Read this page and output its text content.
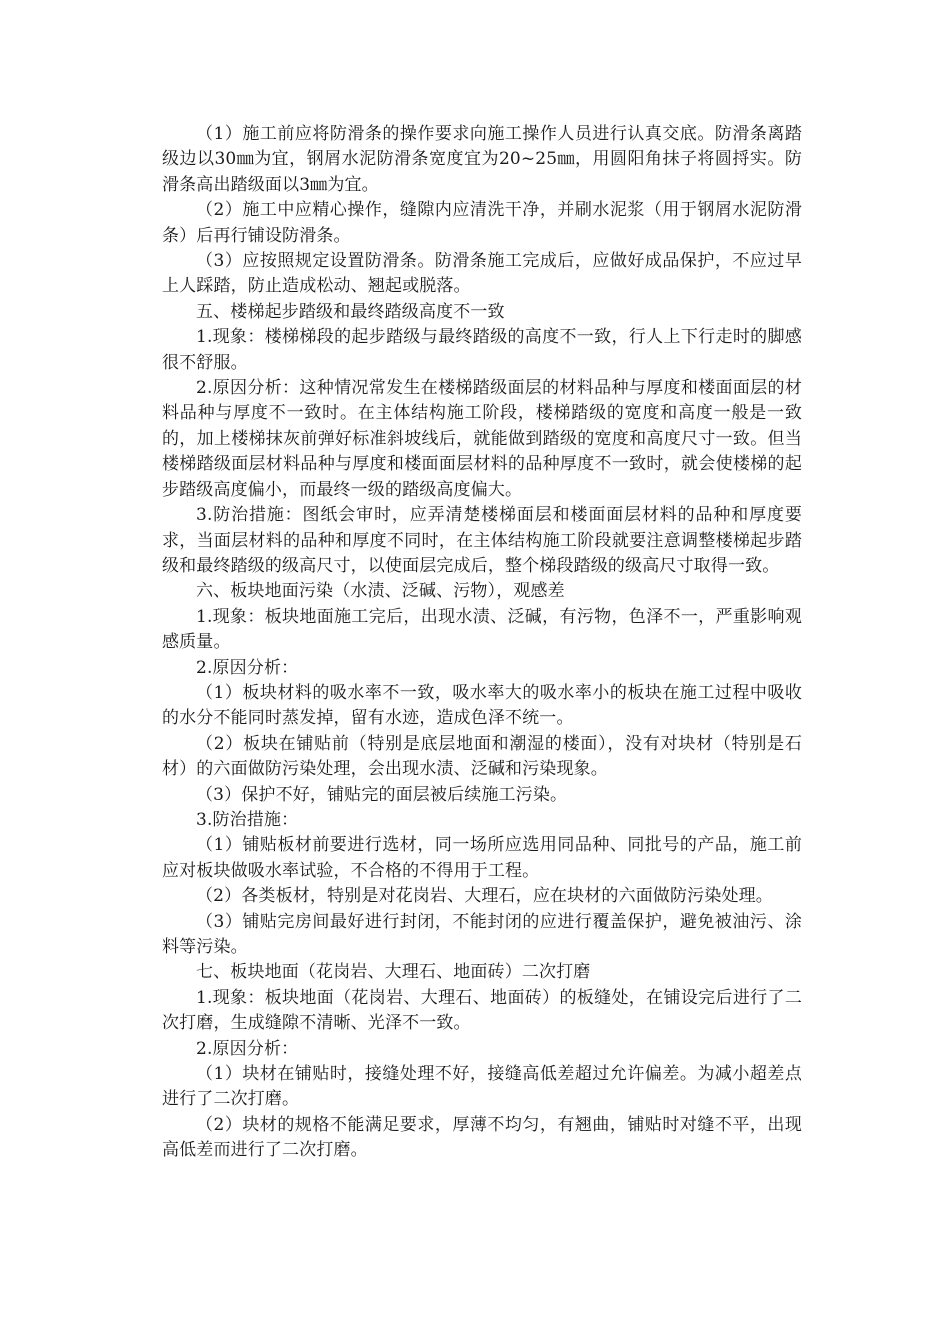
（1）施工前应将防滑条的操作要求向施工操作人员进行认真交底。防滑条离踏级边以30㎜为宜，钢屑水泥防滑条宽度宜为20~25㎜，用圆阳角抹子将圆捋实。防滑条高出踏级面以3㎜为宜。

（2）施工中应精心操作，缝隙内应清洗干净，并刷水泥浆（用于钢屑水泥防滑条）后再行铺设防滑条。

（3）应按照规定设置防滑条。防滑条施工完成后，应做好成品保护，不应过早上人踩踏，防止造成松动、翘起或脱落。

五、楼梯起步踏级和最终踏级高度不一致

1.现象：楼梯梯段的起步踏级与最终踏级的高度不一致，行人上下行走时的脚感很不舒服。

2.原因分析：这种情况常发生在楼梯踏级面层的材料品种与厚度和楼面面层的材料品种与厚度不一致时。在主体结构施工阶段，楼梯踏级的宽度和高度一般是一致的，加上楼梯抹灰前弹好标准斜坡线后，就能做到踏级的宽度和高度尺寸一致。但当楼梯踏级面层材料品种与厚度和楼面面层材料的品种厚度不一致时，就会使楼梯的起步踏级高度偏小，而最终一级的踏级高度偏大。

3.防治措施：图纸会审时，应弄清楚楼梯面层和楼面面层材料的品种和厚度要求，当面层材料的品种和厚度不同时，在主体结构施工阶段就要注意调整楼梯起步踏级和最终踏级的级高尺寸，以使面层完成后，整个梯段踏级的级高尺寸取得一致。

六、板块地面污染（水渍、泛碱、污物），观感差

1.现象：板块地面施工完后，出现水渍、泛碱，有污物，色泽不一，严重影响观感质量。

2.原因分析：

（1）板块材料的吸水率不一致，吸水率大的吸水率小的板块在施工过程中吸收的水分不能同时蒸发掉，留有水迹，造成色泽不统一。

（2）板块在铺贴前（特别是底层地面和潮湿的楼面），没有对块材（特别是石材）的六面做防污染处理，会出现水渍、泛碱和污染现象。

（3）保护不好，铺贴完的面层被后续施工污染。

3.防治措施：

（1）铺贴板材前要进行选材，同一场所应选用同品种、同批号的产品，施工前应对板块做吸水率试验，不合格的不得用于工程。

（2）各类板材，特别是对花岗岩、大理石，应在块材的六面做防污染处理。

（3）铺贴完房间最好进行封闭，不能封闭的应进行覆盖保护，避免被油污、涂料等污染。

七、板块地面（花岗岩、大理石、地面砖）二次打磨

1.现象：板块地面（花岗岩、大理石、地面砖）的板缝处，在铺设完后进行了二次打磨，生成缝隙不清晰、光泽不一致。

2.原因分析：

（1）块材在铺贴时，接缝处理不好，接缝高低差超过允许偏差。为减小超差点进行了二次打磨。

（2）块材的规格不能满足要求，厚薄不均匀，有翘曲，铺贴时对缝不平，出现高低差而进行了二次打磨。
